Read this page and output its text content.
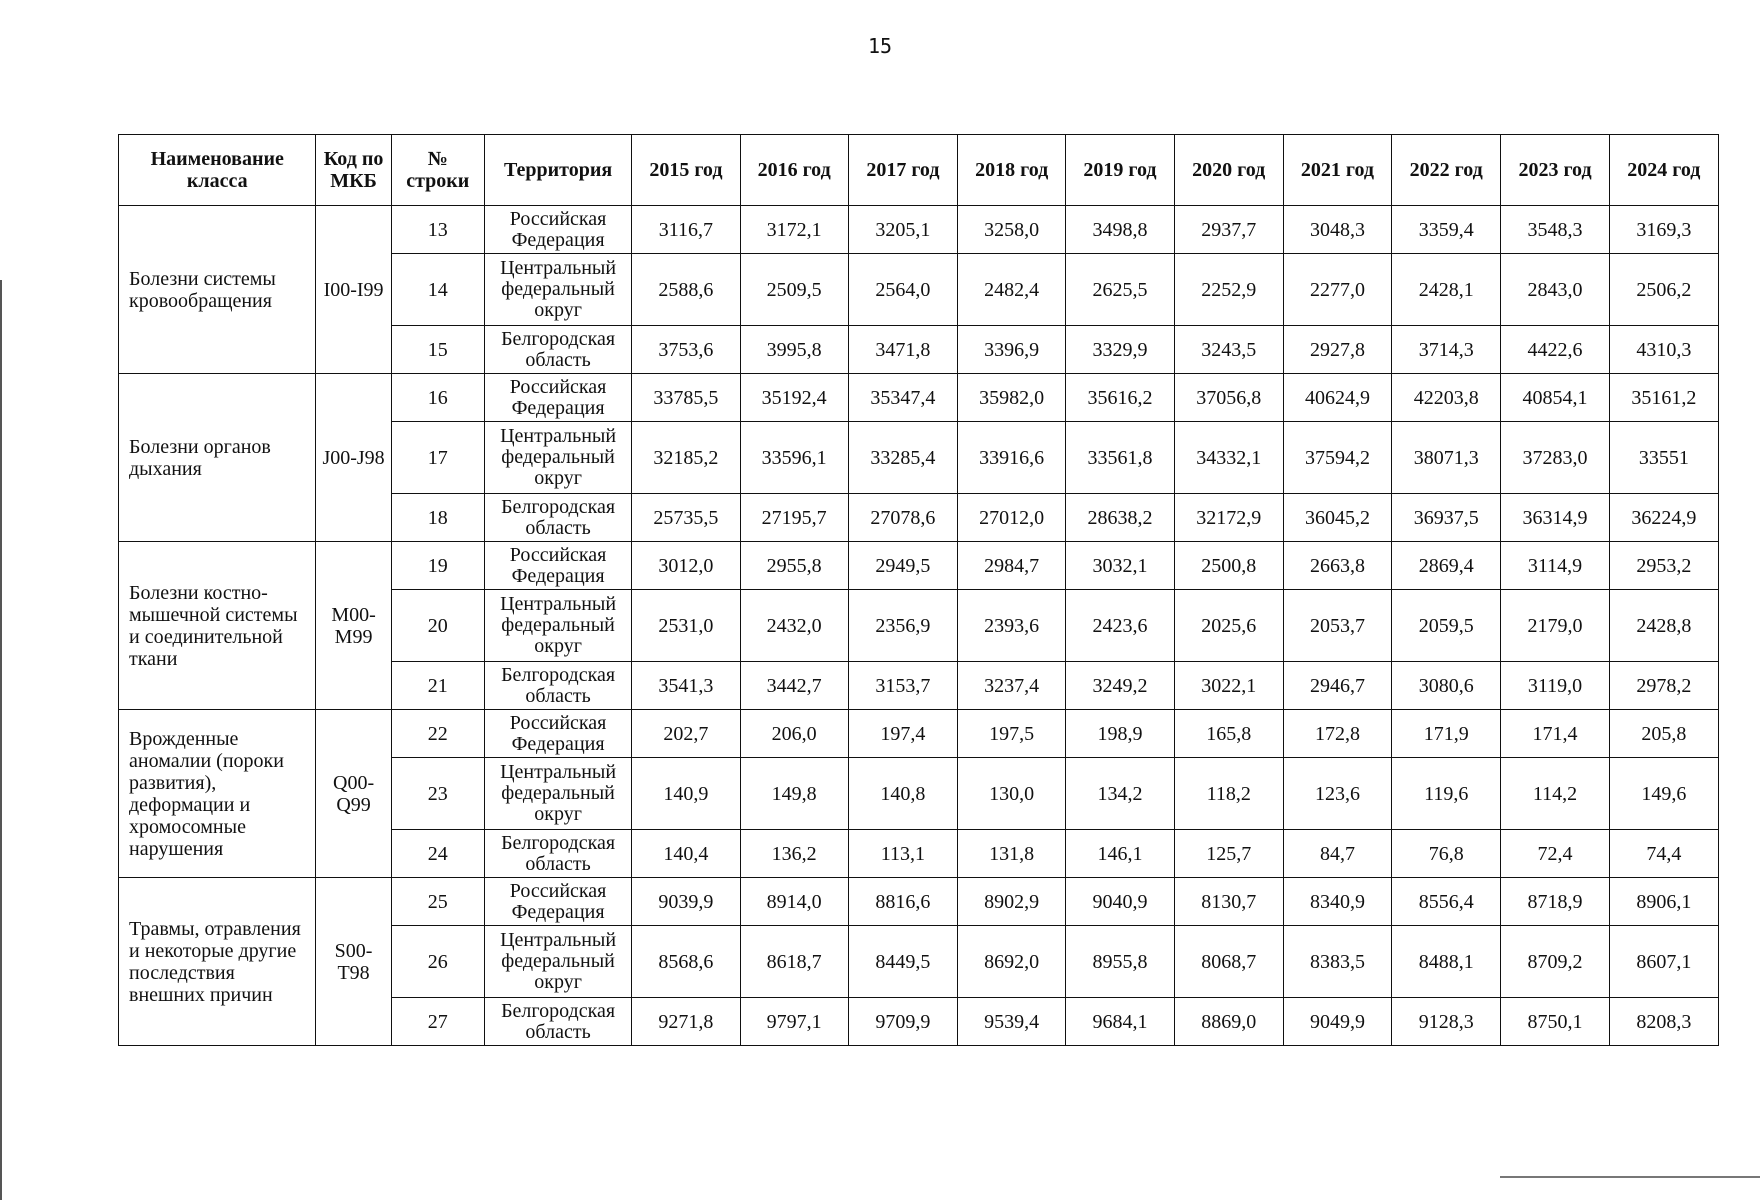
15
Наименование класса	Код по МКБ	№ строки	Территория	2015 год	2016 год	2017 год	2018 год	2019 год	2020 год	2021 год	2022 год	2023 год	2024 год
Болезни системы кровообращения	I00-I99	13	Российская Федерация	3116,7	3172,1	3205,1	3258,0	3498,8	2937,7	3048,3	3359,4	3548,3	3169,3
		14	Центральный федеральный округ	2588,6	2509,5	2564,0	2482,4	2625,5	2252,9	2277,0	2428,1	2843,0	2506,2
		15	Белгородская область	3753,6	3995,8	3471,8	3396,9	3329,9	3243,5	2927,8	3714,3	4422,6	4310,3
Болезни органов дыхания	J00-J98	16	Российская Федерация	33785,5	35192,4	35347,4	35982,0	35616,2	37056,8	40624,9	42203,8	40854,1	35161,2
		17	Центральный федеральный округ	32185,2	33596,1	33285,4	33916,6	33561,8	34332,1	37594,2	38071,3	37283,0	33551
		18	Белгородская область	25735,5	27195,7	27078,6	27012,0	28638,2	32172,9	36045,2	36937,5	36314,9	36224,9
Болезни костно-мышечной системы и соединительной ткани	M00-M99	19	Российская Федерация	3012,0	2955,8	2949,5	2984,7	3032,1	2500,8	2663,8	2869,4	3114,9	2953,2
		20	Центральный федеральный округ	2531,0	2432,0	2356,9	2393,6	2423,6	2025,6	2053,7	2059,5	2179,0	2428,8
		21	Белгородская область	3541,3	3442,7	3153,7	3237,4	3249,2	3022,1	2946,7	3080,6	3119,0	2978,2
Врожденные аномалии (пороки развития), деформации и хромосомные нарушения	Q00-Q99	22	Российская Федерация	202,7	206,0	197,4	197,5	198,9	165,8	172,8	171,9	171,4	205,8
		23	Центральный федеральный округ	140,9	149,8	140,8	130,0	134,2	118,2	123,6	119,6	114,2	149,6
		24	Белгородская область	140,4	136,2	113,1	131,8	146,1	125,7	84,7	76,8	72,4	74,4
Травмы, отравления и некоторые другие последствия внешних причин	S00-T98	25	Российская Федерация	9039,9	8914,0	8816,6	8902,9	9040,9	8130,7	8340,9	8556,4	8718,9	8906,1
		26	Центральный федеральный округ	8568,6	8618,7	8449,5	8692,0	8955,8	8068,7	8383,5	8488,1	8709,2	8607,1
		27	Белгородская область	9271,8	9797,1	9709,9	9539,4	9684,1	8869,0	9049,9	9128,3	8750,1	8208,3
